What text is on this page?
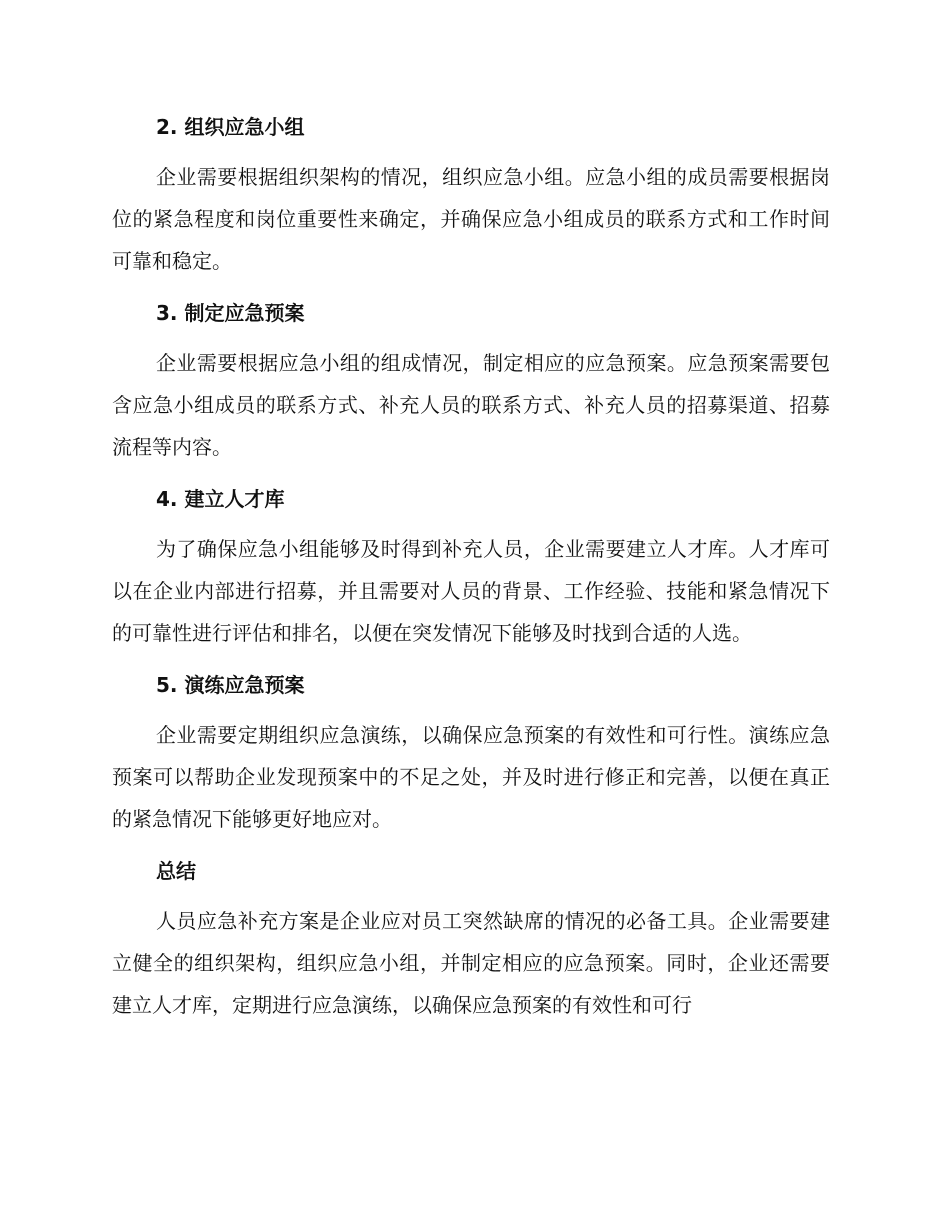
2. 组织应急小组

企业需要根据组织架构的情况，组织应急小组。应急小组的成员需要根据岗位的紧急程度和岗位重要性来确定，并确保应急小组成员的联系方式和工作时间可靠和稳定。

3. 制定应急预案

企业需要根据应急小组的组成情况，制定相应的应急预案。应急预案需要包含应急小组成员的联系方式、补充人员的联系方式、补充人员的招募渠道、招募流程等内容。

4. 建立人才库

为了确保应急小组能够及时得到补充人员，企业需要建立人才库。人才库可以在企业内部进行招募，并且需要对人员的背景、工作经验、技能和紧急情况下的可靠性进行评估和排名，以便在突发情况下能够及时找到合适的人选。

5. 演练应急预案

企业需要定期组织应急演练，以确保应急预案的有效性和可行性。演练应急预案可以帮助企业发现预案中的不足之处，并及时进行修正和完善，以便在真正的紧急情况下能够更好地应对。

总结

人员应急补充方案是企业应对员工突然缺席的情况的必备工具。企业需要建立健全的组织架构，组织应急小组，并制定相应的应急预案。同时，企业还需要建立人才库，定期进行应急演练，以确保应急预案的有效性和可行
